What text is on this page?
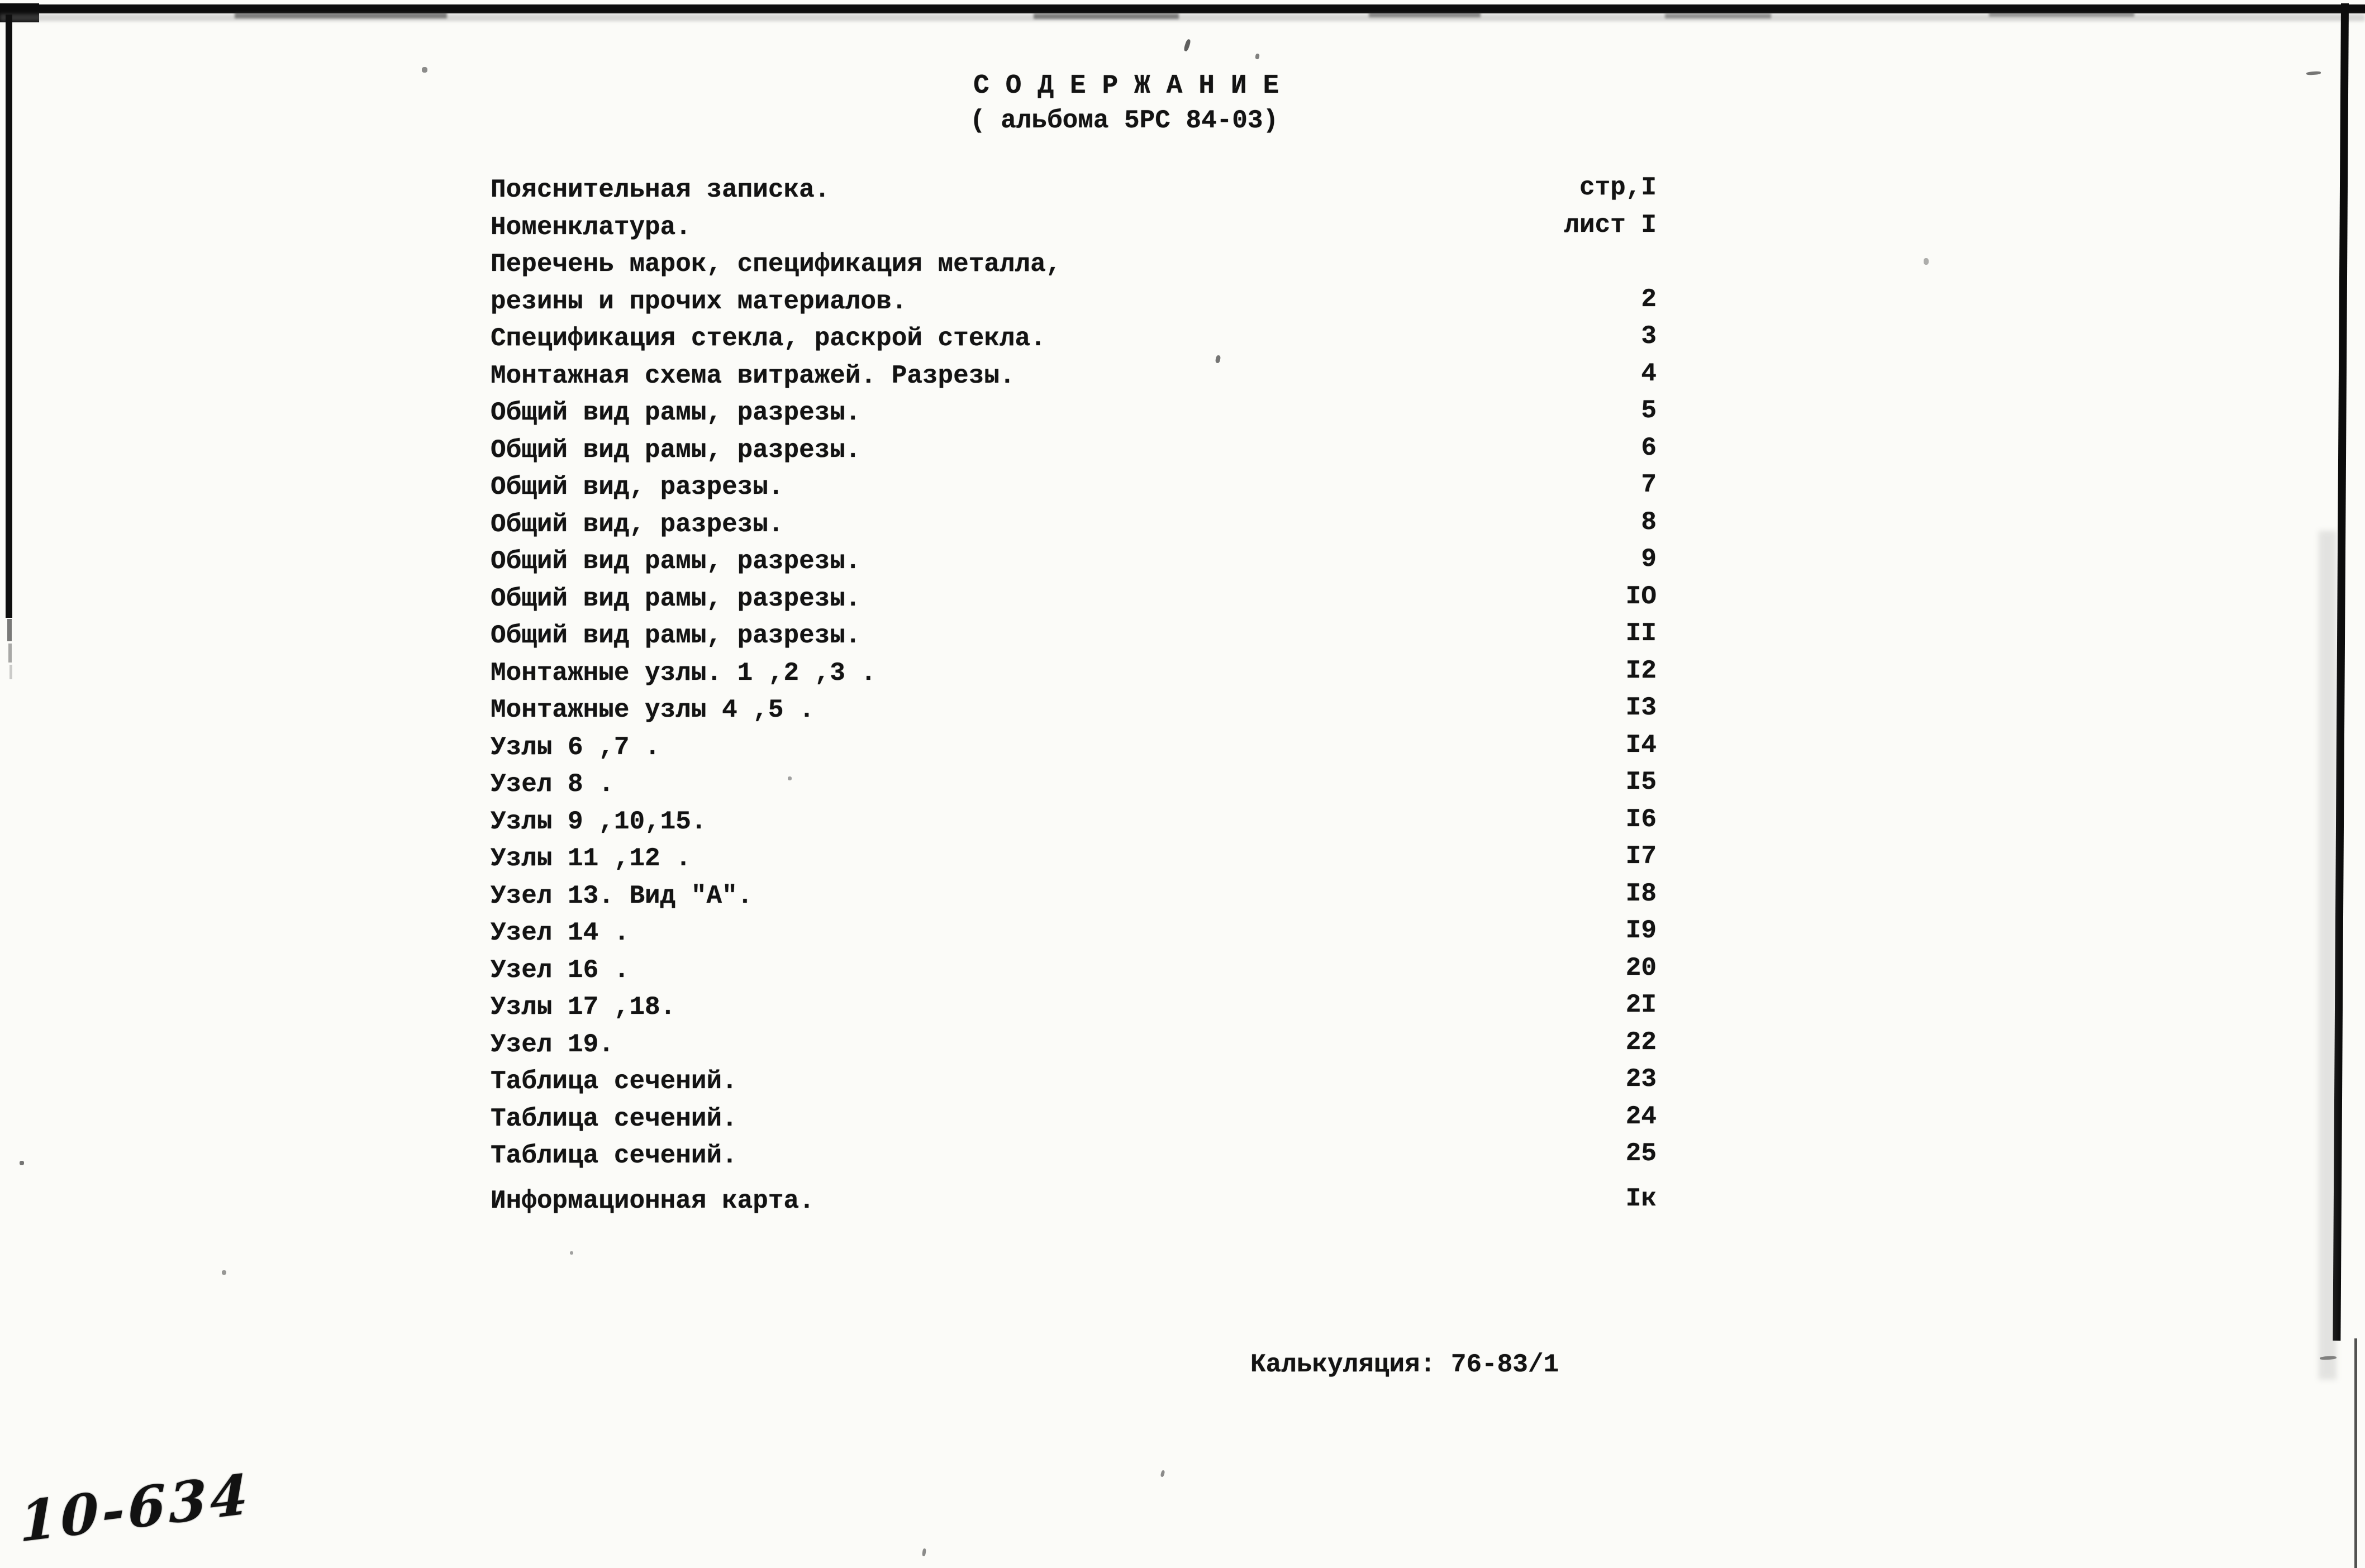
С О Д Е Р Ж А Н И Е
( альбома 5РС 84-03)
Пояснительная записка.	стр,I
Номенклатура.	лист I
Перечень марок, спецификация металла,
резины и прочих материалов.	2
Спецификация стекла, раскрой стекла.	3
Монтажная схема витражей. Разрезы.	4
Общий вид рамы, разрезы.	5
Общий вид рамы, разрезы.	6
Общий вид, разрезы.	7
Общий вид, разрезы.	8
Общий вид рамы, разрезы.	9
Общий вид рамы, разрезы.	IO
Общий вид рамы, разрезы.	II
Монтажные узлы. 1 ,2 ,3 .	I2
Монтажные узлы 4 ,5 .	I3
Узлы 6 ,7 .	I4
Узел 8 .	I5
Узлы 9 ,10,15.	I6
Узлы 11 ,12 .	I7
Узел 13. Вид "А".	I8
Узел 14 .	I9
Узел 16 .	20
Узлы 17 ,18.	2I
Узел 19.	22
Таблица сечений.	23
Таблица сечений.	24
Таблица сечений.	25
Информационная карта.	Iк
Калькуляция: 76-83/1
10-634
